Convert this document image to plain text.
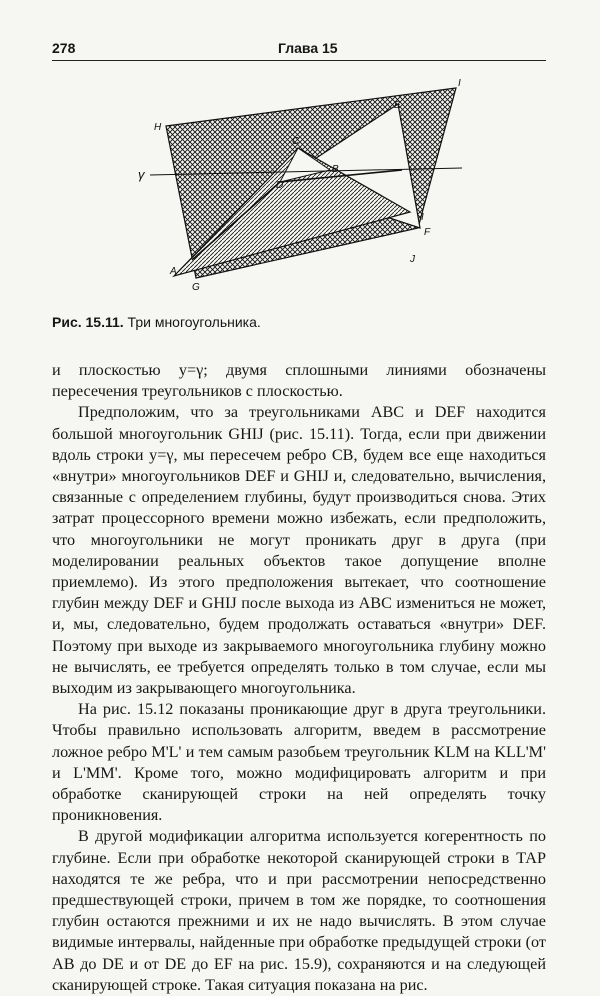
278	Глава 15
H
I
I
F
J
A
G
C
D
E
B
γ
Рис. 15.11. Три многоугольника.

и плоскостью y=γ; двумя сплошными линиями обозначены пересечения треугольников с плоскостью.

Предположим, что за треугольниками ABC и DEF находится большой многоугольник GHIJ (рис. 15.11). Тогда, если при движении вдоль строки y=γ, мы пересечем ребро CB, будем все еще находиться «внутри» многоугольников DEF и GHIJ и, следовательно, вычисления, связанные с определением глубины, будут производиться снова. Этих затрат процессорного времени можно избежать, если предположить, что многоугольники не могут проникать друг в друга (при моделировании реальных объектов такое допущение вполне приемлемо). Из этого предположения вытекает, что соотношение глубин между DEF и GHIJ после выхода из ABC измениться не может, и, мы, следовательно, будем продолжать оставаться «внутри» DEF. Поэтому при выходе из закрываемого многоугольника глубину можно не вычислять, ее требуется определять только в том случае, если мы выходим из закрывающего многоугольника.

На рис. 15.12 показаны проникающие друг в друга треугольники. Чтобы правильно использовать алгоритм, введем в рассмотрение ложное ребро M'L' и тем самым разобьем треугольник KLM на KLL'M' и L'MM'. Кроме того, можно модифицировать алгоритм и при обработке сканирующей строки на ней определять точку проникновения.

В другой модификации алгоритма используется когерентность по глубине. Если при обработке некоторой сканирующей строки в ТАР находятся те же ребра, что и при рассмотрении непосредственно предшествующей строки, причем в том же порядке, то соотношения глубин остаются прежними и их не надо вычислять. В этом случае видимые интервалы, найденные при обработке предыдущей строки (от AB до DE и от DE до EF на рис. 15.9), сохраняются и на следующей сканирующей строке. Такая ситуация показана на рис.
